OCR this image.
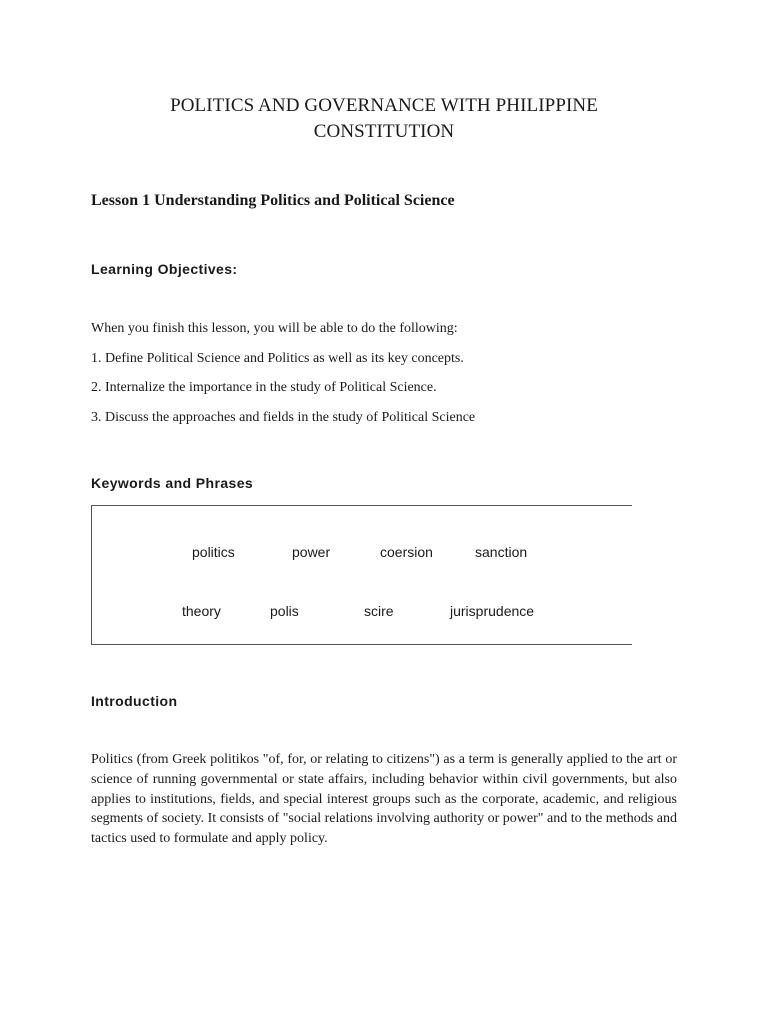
POLITICS AND GOVERNANCE WITH PHILIPPINE
CONSTITUTION
Lesson 1 Understanding Politics and Political Science
Learning Objectives:
When you finish this lesson, you will be able to do the following:
1. Define Political Science and Politics as well as its key concepts.
2. Internalize the importance in the study of Political Science.
3. Discuss the approaches and fields in the study of Political Science
Keywords and Phrases
politics	power	coersion	sanction
theory	polis	scire	jurisprudence
Introduction
Politics (from Greek politikos "of, for, or relating to citizens") as a term is generally applied to the art or science of running governmental or state affairs, including behavior within civil governments, but also applies to institutions, fields, and special interest groups such as the corporate, academic, and religious segments of society. It consists of "social relations involving authority or power" and to the methods and tactics used to formulate and apply policy.
